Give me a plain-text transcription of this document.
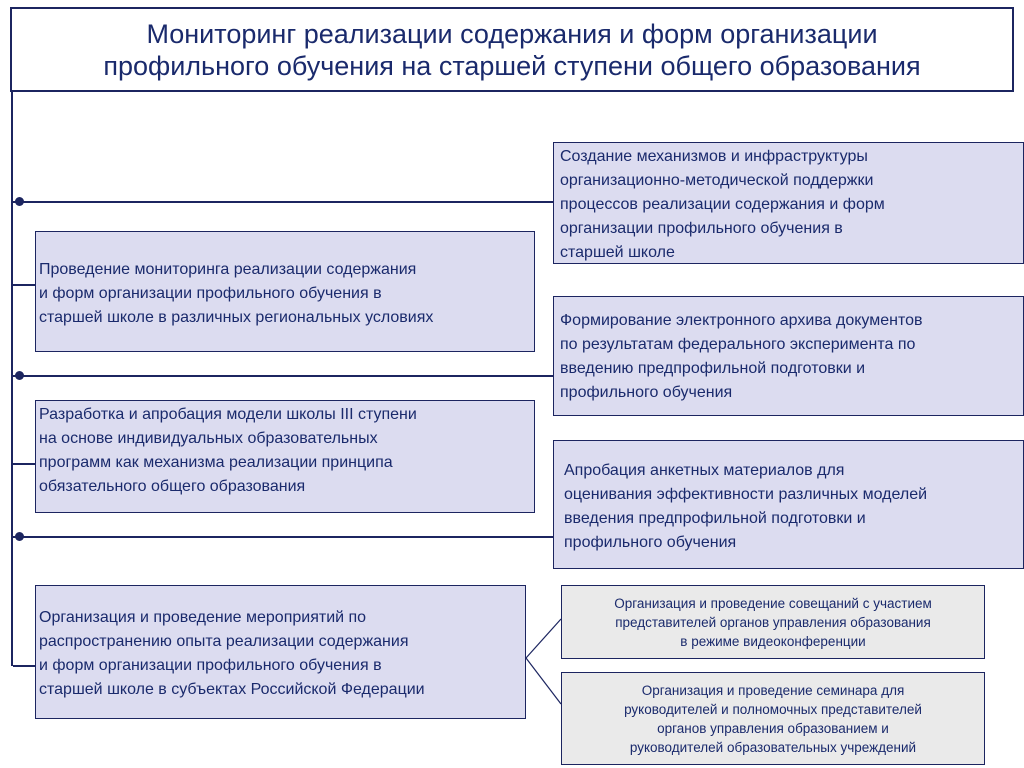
Мониторинг реализации содержания и форм организации
профильного обучения на старшей ступени общего образования
Создание механизмов и инфраструктуры
организационно-методической поддержки
процессов реализации содержания и форм
организации профильного обучения в
старшей школе
Формирование электронного архива документов
по результатам федерального эксперимента по
введению предпрофильной подготовки и
профильного обучения
Апробация анкетных материалов для
оценивания эффективности различных моделей
введения предпрофильной подготовки и
профильного обучения
Проведение мониторинга реализации содержания
и форм организации профильного обучения в
старшей школе в различных региональных условиях
Разработка и апробация модели школы III ступени
на основе индивидуальных образовательных
программ как механизма реализации принципа
обязательного общего образования
Организация и проведение мероприятий по
распространению опыта реализации содержания
и форм организации профильного обучения в
старшей школе в субъектах Российской Федерации
Организация и проведение совещаний с участием
представителей органов управления образования
в режиме видеоконференции
Организация и проведение семинара для
руководителей и полномочных представителей
органов управления образованием и
руководителей образовательных учреждений
